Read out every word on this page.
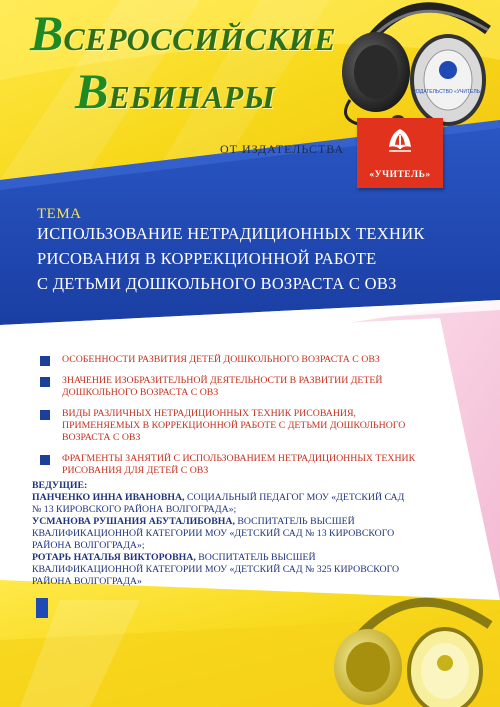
ИЗДАТЕЛЬСТВО «УЧИТЕЛЬ»
ВСЕРОССИЙСКИЕ
ВЕБИНАРЫ
ОТ ИЗДАТЕЛЬСТВА
«УЧИТЕЛЬ»
ТЕМА
ИСПОЛЬЗОВАНИЕ НЕТРАДИЦИОННЫХ ТЕХНИК
РИСОВАНИЯ В КОРРЕКЦИОННОЙ РАБОТЕ
С ДЕТЬМИ ДОШКОЛЬНОГО ВОЗРАСТА С ОВЗ
ОСОБЕННОСТИ РАЗВИТИЯ ДЕТЕЙ ДОШКОЛЬНОГО ВОЗРАСТА С ОВЗ
ЗНАЧЕНИЕ ИЗОБРАЗИТЕЛЬНОЙ ДЕЯТЕЛЬНОСТИ В РАЗВИТИИ ДЕТЕЙ
ДОШКОЛЬНОГО ВОЗРАСТА С ОВЗ
ВИДЫ РАЗЛИЧНЫХ НЕТРАДИЦИОННЫХ ТЕХНИК РИСОВАНИЯ,
ПРИМЕНЯЕМЫХ В КОРРЕКЦИОННОЙ РАБОТЕ С ДЕТЬМИ ДОШКОЛЬНОГО
ВОЗРАСТА С ОВЗ
ФРАГМЕНТЫ ЗАНЯТИЙ С ИСПОЛЬЗОВАНИЕМ НЕТРАДИЦИОННЫХ ТЕХНИК
РИСОВАНИЯ ДЛЯ ДЕТЕЙ С ОВЗ
ВЕДУЩИЕ:
ПАНЧЕНКО ИННА ИВАНОВНА, СОЦИАЛЬНЫЙ ПЕДАГОГ МОУ «ДЕТСКИЙ САД
№ 13 КИРОВСКОГО РАЙОНА ВОЛГОГРАДА»;
УСМАНОВА РУШАНИЯ АБУТАЛИБОВНА, ВОСПИТАТЕЛЬ ВЫСШЕЙ
КВАЛИФИКАЦИОННОЙ КАТЕГОРИИ МОУ «ДЕТСКИЙ САД № 13 КИРОВСКОГО
РАЙОНА ВОЛГОГРАДА»;
РОТАРЬ НАТАЛЬЯ ВИКТОРОВНА, ВОСПИТАТЕЛЬ ВЫСШЕЙ
КВАЛИФИКАЦИОННОЙ КАТЕГОРИИ МОУ «ДЕТСКИЙ САД № 325 КИРОВСКОГО
РАЙОНА ВОЛГОГРАДА»
